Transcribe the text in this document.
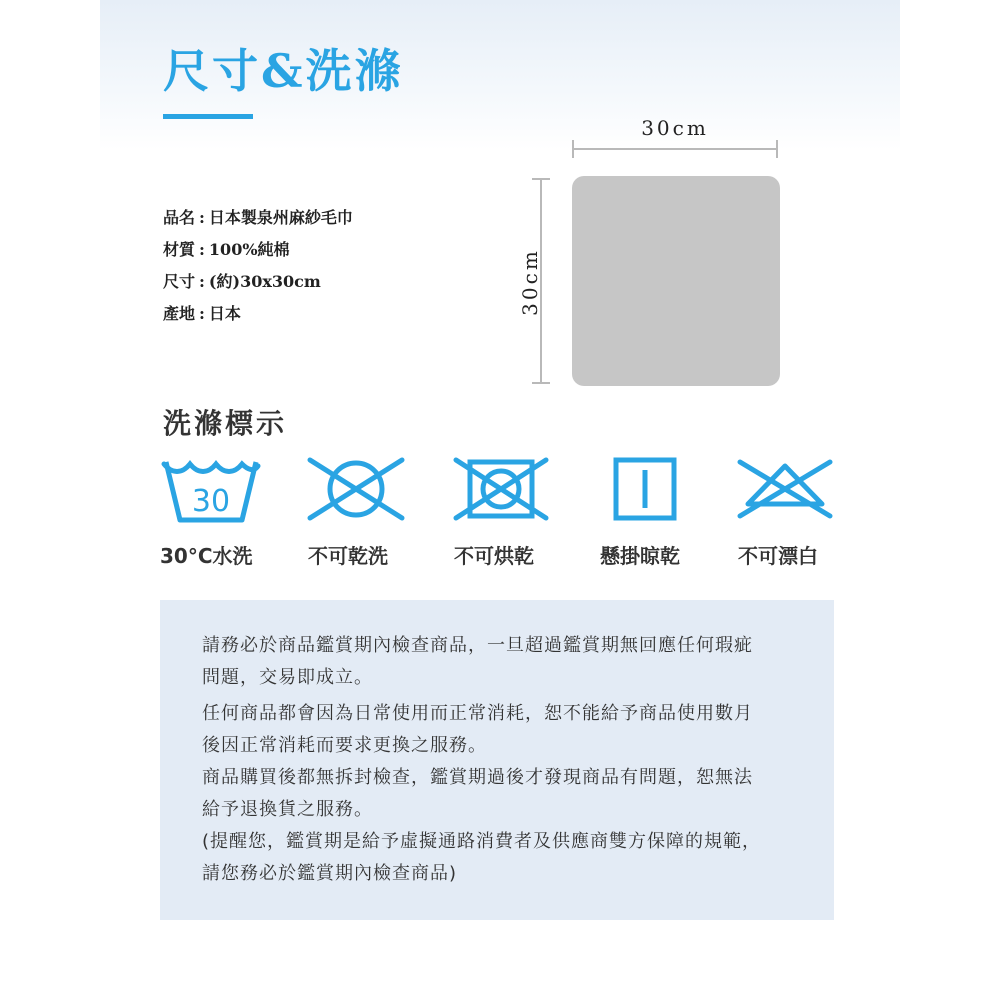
尺寸&洗滌
品名 : 日本製泉州麻紗毛巾
材質 : 100%純棉
尺寸 : (約)30x30cm
產地 : 日本
30cm
30cm
洗滌標示
30
30°C水洗	不可乾洗	不可烘乾	懸掛晾乾	不可漂白

請務必於商品鑑賞期內檢查商品，一旦超過鑑賞期無回應任何瑕疵

問題，交易即成立。

任何商品都會因為日常使用而正常消耗，恕不能給予商品使用數月

後因正常消耗而要求更換之服務。

商品購買後都無拆封檢查，鑑賞期過後才發現商品有問題，恕無法

給予退換貨之服務。

(提醒您，鑑賞期是給予虛擬通路消費者及供應商雙方保障的規範，

請您務必於鑑賞期內檢查商品)
